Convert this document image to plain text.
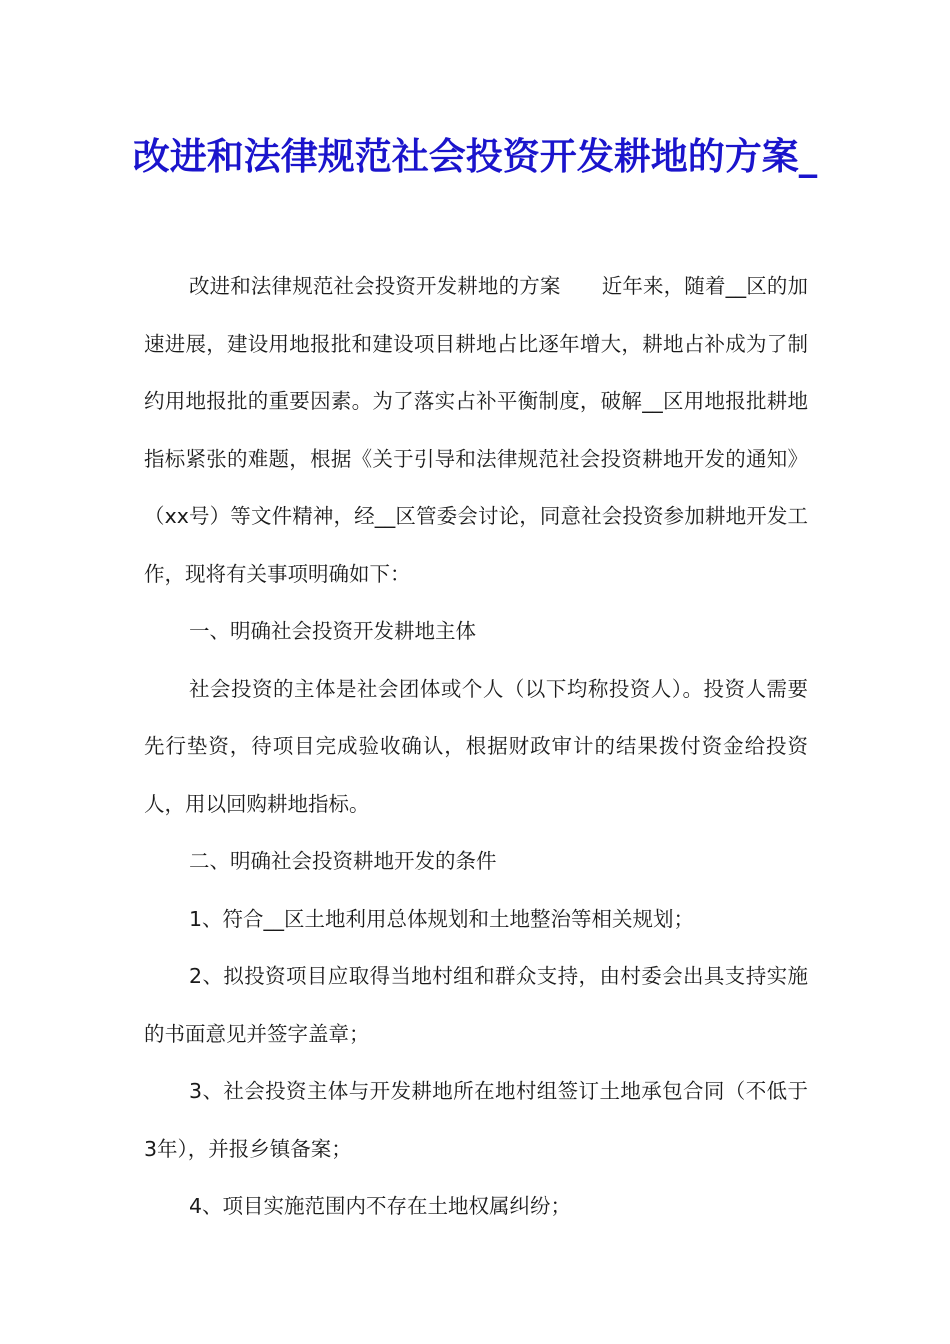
改进和法律规范社会投资开发耕地的方案_

改进和法律规范社会投资开发耕地的方案　　近年来，随着__区的加速进展，建设用地报批和建设项目耕地占比逐年增大，耕地占补成为了制约用地报批的重要因素。为了落实占补平衡制度，破解__区用地报批耕地指标紧张的难题，根据《关于引导和法律规范社会投资耕地开发的通知》（xx号）等文件精神，经__区管委会讨论，同意社会投资参加耕地开发工作，现将有关事项明确如下：

一、明确社会投资开发耕地主体

社会投资的主体是社会团体或个人（以下均称投资人）。投资人需要先行垫资，待项目完成验收确认，根据财政审计的结果拨付资金给投资人，用以回购耕地指标。

二、明确社会投资耕地开发的条件

1、符合__区土地利用总体规划和土地整治等相关规划；

2、拟投资项目应取得当地村组和群众支持，由村委会出具支持实施的书面意见并签字盖章；

3、社会投资主体与开发耕地所在地村组签订土地承包合同（不低于3年），并报乡镇备案；

4、项目实施范围内不存在土地权属纠纷；
